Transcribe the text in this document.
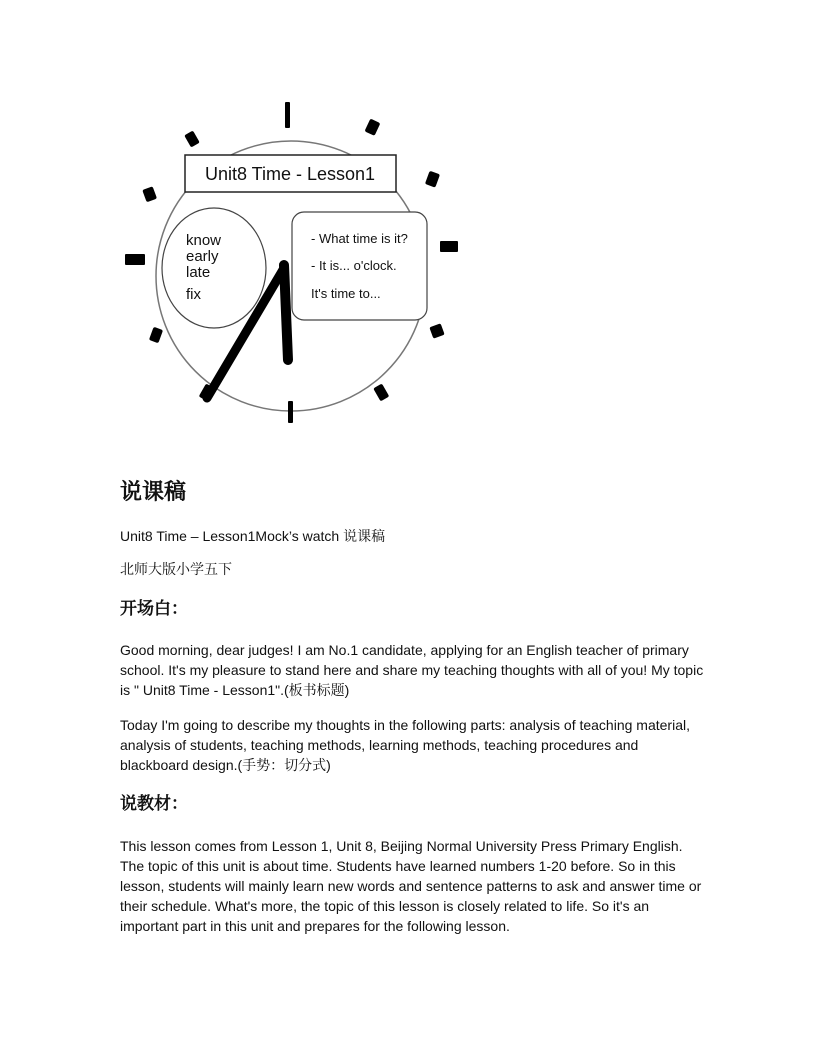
Unit8 Time - Lesson1
know
early
late
fix
- What time is it?
- It is... o'clock.
It's time to...
说课稿

Unit8 Time – Lesson1Mock’s watch 说课稿

北师大版小学五下

开场白：

Good morning, dear judges! I am No.1 candidate, applying for an English teacher of primary school. It's my pleasure to stand here and share my teaching thoughts with all of you! My topic is " Unit8 Time - Lesson1".(板书标题)

Today I'm going to describe my thoughts in the following parts: analysis of teaching material, analysis of students, teaching methods, learning methods, teaching procedures and blackboard design.(手势：切分式)

说教材：

This lesson comes from Lesson 1, Unit 8, Beijing Normal University Press Primary English. The topic of this unit is about time. Students have learned numbers 1-20 before. So in this lesson, students will mainly learn new words and sentence patterns to ask and answer time or their schedule. What's more, the topic of this lesson is closely related to life. So it's an important part in this unit and prepares for the following lesson.
